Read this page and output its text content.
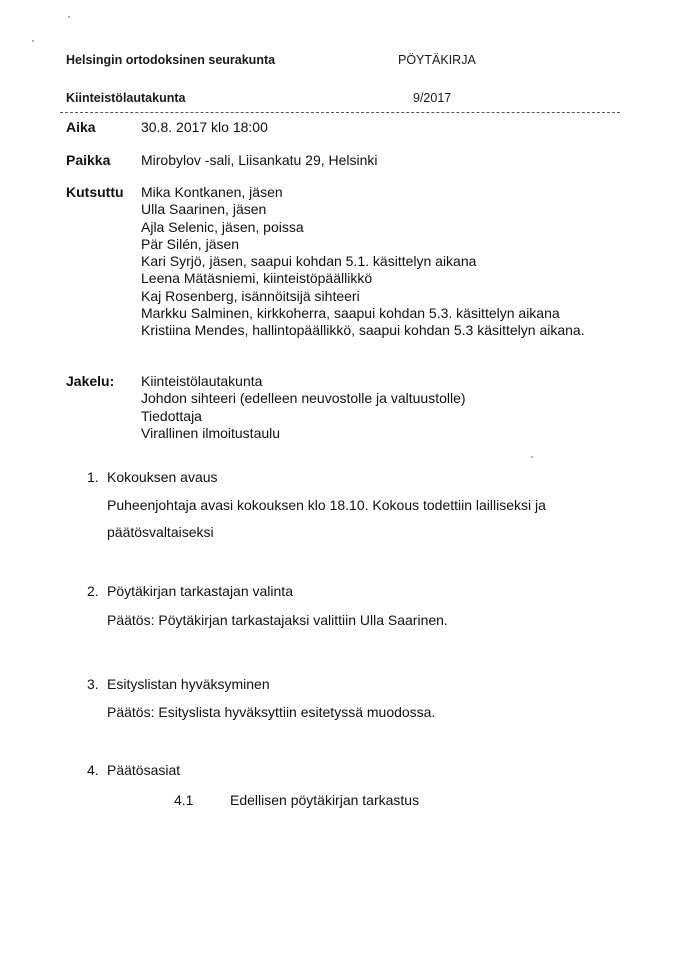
Helsingin ortodoksinen seurakunta	PÖYTÄKIRJA
Kiinteistölautakunta	9/2017
Aika	30.8. 2017 klo 18:00
Paikka Mirobylov -sali, Liisankatu 29, Helsinki
Kutsuttu Mika Kontkanen, jäsen
Ulla Saarinen, jäsen
Ajla Selenic, jäsen, poissa
Pär Silén, jäsen
Kari Syrjö, jäsen, saapui kohdan 5.1. käsittelyn aikana
Leena Mätäsniemi, kiinteistöpäällikkö
Kaj Rosenberg, isännöitsijä sihteeri
Markku Salminen, kirkkoherra, saapui kohdan 5.3. käsittelyn aikana
Kristiina Mendes, hallintopäällikkö, saapui kohdan 5.3 käsittelyn aikana.
Jakelu: Kiinteistölautakunta
Johdon sihteeri (edelleen neuvostolle ja valtuustolle)
Tiedottaja
Virallinen ilmoitustaulu
1. Kokouksen avaus
Puheenjohtaja avasi kokouksen klo 18.10. Kokous todettiin lailliseksi ja
päätösvaltaiseksi
2. Pöytäkirjan tarkastajan valinta
Päätös: Pöytäkirjan tarkastajaksi valittiin Ulla Saarinen.
3. Esityslistan hyväksyminen
Päätös: Esityslista hyväksyttiin esitetyssä muodossa.
4. Päätösasiat
4.1	Edellisen pöytäkirjan tarkastus
